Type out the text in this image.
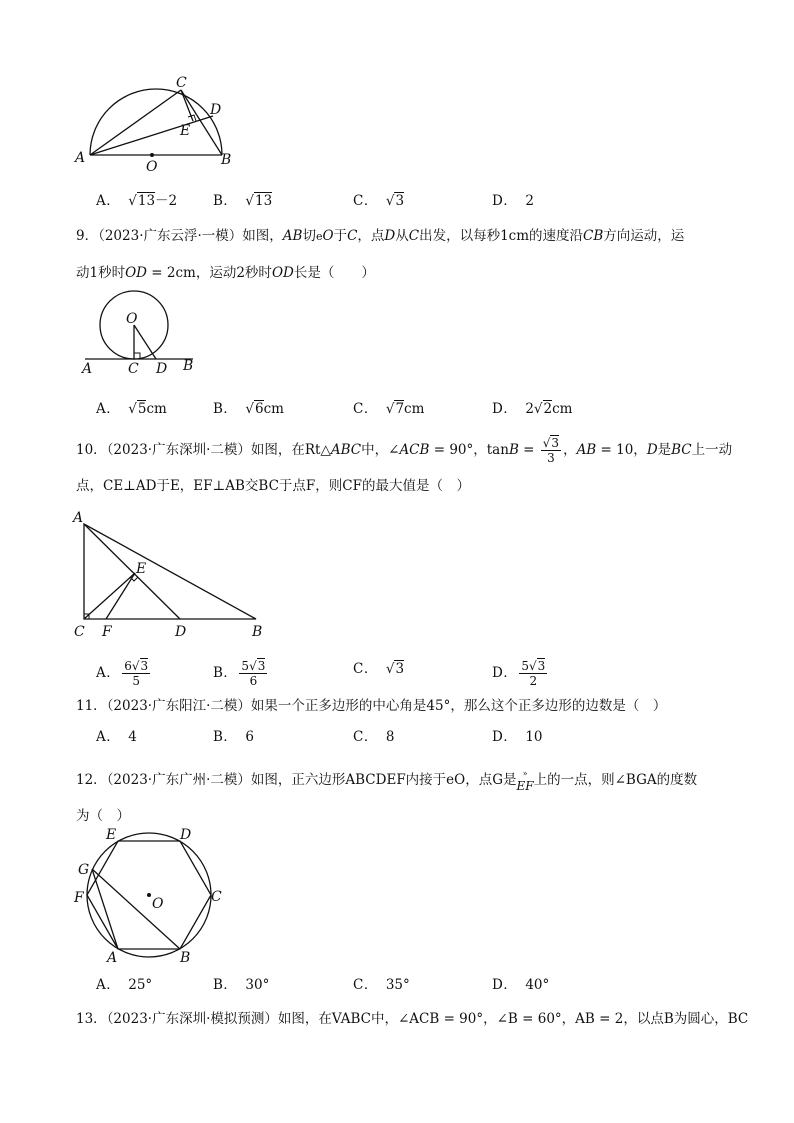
C
D
E
A
O	B
A． √13－2	B． √13	C． √3	D． 2
9．（2023·广东云浮·一模）如图，AB切eO于C，点D从C出发，以每秒1cm的速度沿CB方向运动，运
动1秒时OD = 2cm，运动2秒时OD长是（　　）
O
A	C D B
A． √5cm	B． √6cm	C． √7cm	D． 2√2cm
10．（2023·广东深圳·二模）如图，在Rt△ABC中，∠ACB = 90°，$\tan B = \frac{√3}{3}$ ，AB = 10，D是BC上一动
点，CE⊥AD于E，EF⊥AB交BC于点F，则CF的最大值是（　）
A
E
C F	D	B
A． $\frac{6√3}{5}$	B． $\frac{5√3}{6}$	C． √3	D． $\frac{5√3}{2}$
11．（2023·广东阳江·二模）如果一个正多边形的中心角是45°，那么这个正多边形的边数是（　）
A． 4	B． 6	C． 8	D． 10
12．（2023·广东广州·二模）如图，正六边形ABCDEF内接于eO，点G是 »
EF 上的一点，则∠BGA的度数
为（　）
E	D
G
F	O	C
A	B
A． 25°	B． 30°	C． 35°	D． 40°
13．（2023·广东深圳·模拟预测）如图，在VABC中，∠ACB = 90°，∠B = 60°，AB = 2，以点B为圆心，BC
